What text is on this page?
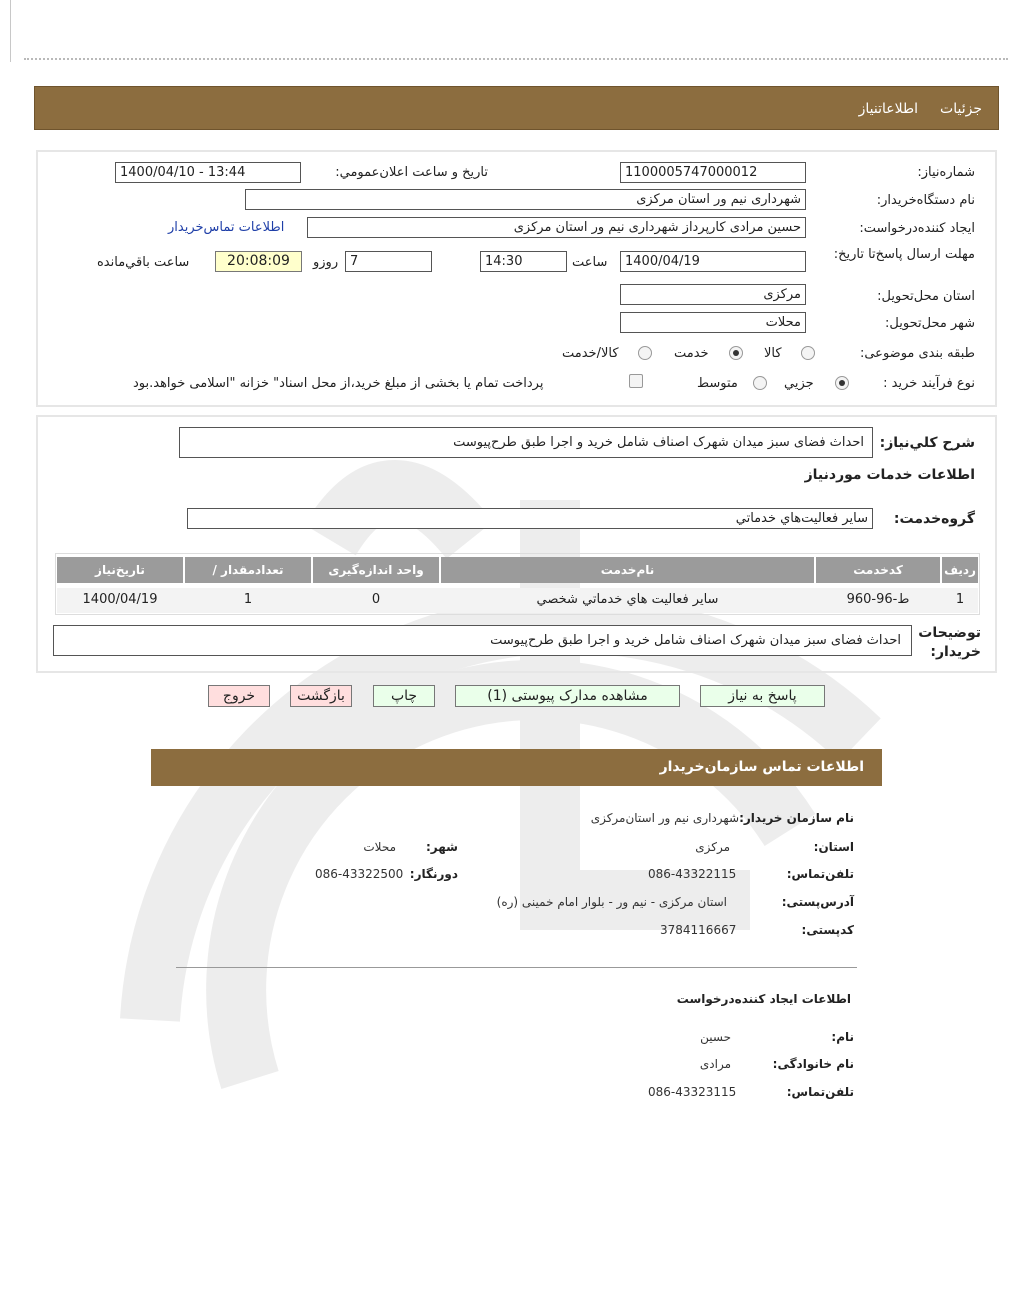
جزئیات
اطلاعاتنیاز
شماره‌نیاز:
1100005747000012
تاريخ و ساعت اعلان‌عمومي:
1400/04/10 - 13:44
نام دستگاه‌خريدار:
شهرداری نیم ور استان مرکزی
ايجاد كننده‌درخواست:
حسین مرادی کارپرداز شهرداری نیم ور استان مرکزی
اطلاعات تماس‌خريدار
مهلت ارسال پاسخ‌تا تاريخ:
1400/04/19
ساعت
14:30
7
روزو
20:08:09
ساعت باقي‌مانده
استان محل‌تحويل:
مرکزی
شهر محل‌تحويل:
محلات
طبقه بندی موضوعی:
کالا
خدمت
کالا/خدمت
نوع فرآيند خريد :
جزيي
متوسط
پرداخت تمام یا بخشی از مبلغ خرید،از محل اسناد" خزانه "اسلامی خواهد.بود
شرح کلي‌نياز:
احداث فضای سبز میدان شهرک اصناف شامل خرید و اجرا طبق طرح‌پیوست
اطلاعات خدمات موردنياز
گروه‌خدمت:
ساير فعاليت‌هاي خدماتي
رديف
کدخدمت
نام‌خدمت
واحد اندازه‌گيری
تعداد‌مقدار /
تاريخ‌نياز
1
ط-96-960
ساير فعاليت هاي خدماتي شخصي
0
1
1400/04/19
توضيحات خريدار:
احداث فضای سبز میدان شهرک اصناف شامل خرید و اجرا طبق طرح‌پیوست
پاسخ به نياز
مشاهده مدارک پيوستی (1)
چاپ
بازگشت
خروج
اطلاعات تماس سازمان‌خريدار
نام سازمان خريدار:
شهرداری نیم ور استان‌مرکزی
استان:
مرکزی
شهر:
محلات
تلفن‌تماس:
086-43322115
دورنگار:
086-43322500
آدرس‌پستی:
استان مرکزی - نیم ور - بلوار امام خمینی (ره)
کدپستی:
3784116667
اطلاعات ايجاد كننده‌درخواست
نام:
حسین
نام خانوادگی:
مرادی
تلفن‌تماس:
086-43323115
